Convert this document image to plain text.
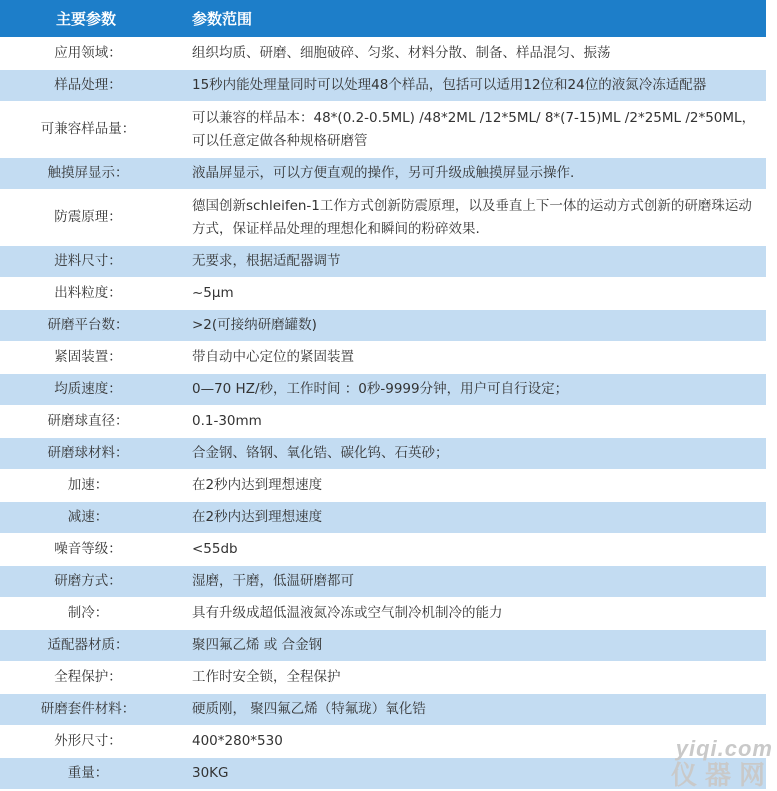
主要参数	参数范围
应用领域：	组织均质、研磨、细胞破碎、匀浆、材料分散、制备、样品混匀、振荡
样品处理：	15秒内能处理量同时可以处理48个样品，包括可以适用12位和24位的液氮冷冻适配器
可兼容样品量：	可以兼容的样品本：48*(0.2-0.5ML) /48*2ML /12*5ML/ 8*(7-15)ML /2*25ML /2*50ML，可以任意定做各种规格研磨管
触摸屏显示：	液晶屏显示，可以方便直观的操作，另可升级成触摸屏显示操作.
防震原理：	德国创新schleifen-1工作方式创新防震原理，以及垂直上下一体的运动方式创新的研磨珠运动方式，保证样品处理的理想化和瞬间的粉碎效果.
进料尺寸：	无要求，根据适配器调节
出料粒度：	~5μm
研磨平台数：	>2(可接纳研磨罐数)
紧固装置：	带自动中心定位的紧固装置
均质速度：	0—70 HZ/秒，工作时间 ：0秒-9999分钟，用户可自行设定；
研磨球直径：	0.1-30mm
研磨球材料：	合金钢、铬钢、氧化锆、碳化钨、石英砂；
加速：	在2秒内达到理想速度
减速：	在2秒内达到理想速度
噪音等级：	<55db
研磨方式：	湿磨，干磨，低温研磨都可
制冷：	具有升级成超低温液氮冷冻或空气制冷机制冷的能力
适配器材质：	聚四氟乙烯 或 合金钢
全程保护：	工作时安全锁，全程保护
研磨套件材料：	硬质刚， 聚四氟乙烯（特氟珑）氧化锆
外形尺寸：	400*280*530
重量：	30KG
yiqi.com
仪器网
